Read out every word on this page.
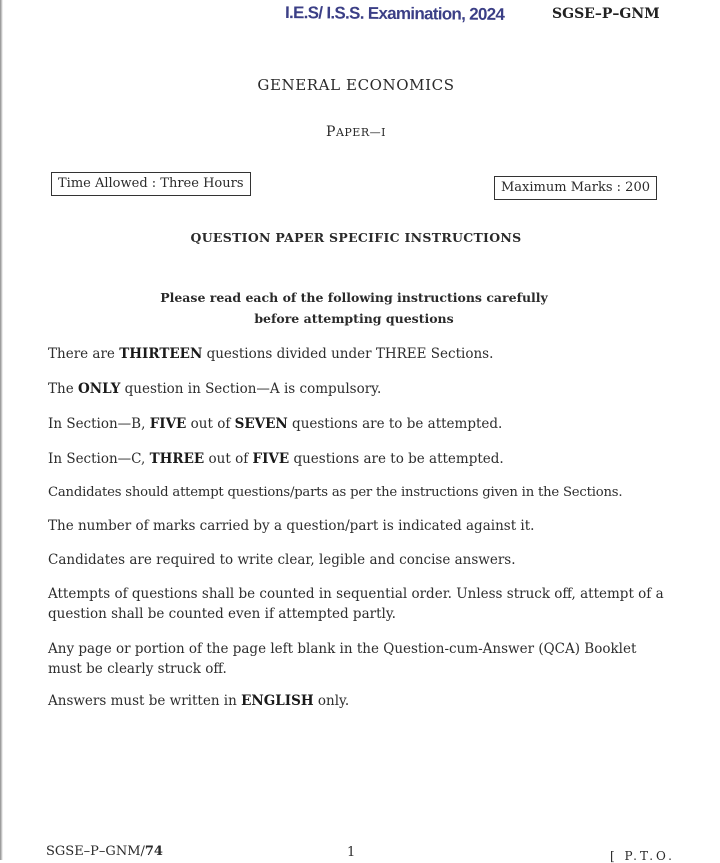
I.E.S/ I.S.S. Examination, 2024	SGSE–P–GNM
GENERAL ECONOMICS
PAPER—I
Time Allowed : Three Hours	Maximum Marks : 200
QUESTION PAPER SPECIFIC INSTRUCTIONS
Please read each of the following instructions carefully
before attempting questions
There are THIRTEEN questions divided under THREE Sections.
The ONLY question in Section—A is compulsory.
In Section—B, FIVE out of SEVEN questions are to be attempted.
In Section—C, THREE out of FIVE questions are to be attempted.
Candidates should attempt questions/parts as per the instructions given in the Sections.
The number of marks carried by a question/part is indicated against it.
Candidates are required to write clear, legible and concise answers.
Attempts of questions shall be counted in sequential order. Unless struck off, attempt of a question shall be counted even if attempted partly.
Any page or portion of the page left blank in the Question-cum-Answer (QCA) Booklet must be clearly struck off.
Answers must be written in ENGLISH only.
SGSE–P–GNM/74	1	[ P.T.O.
